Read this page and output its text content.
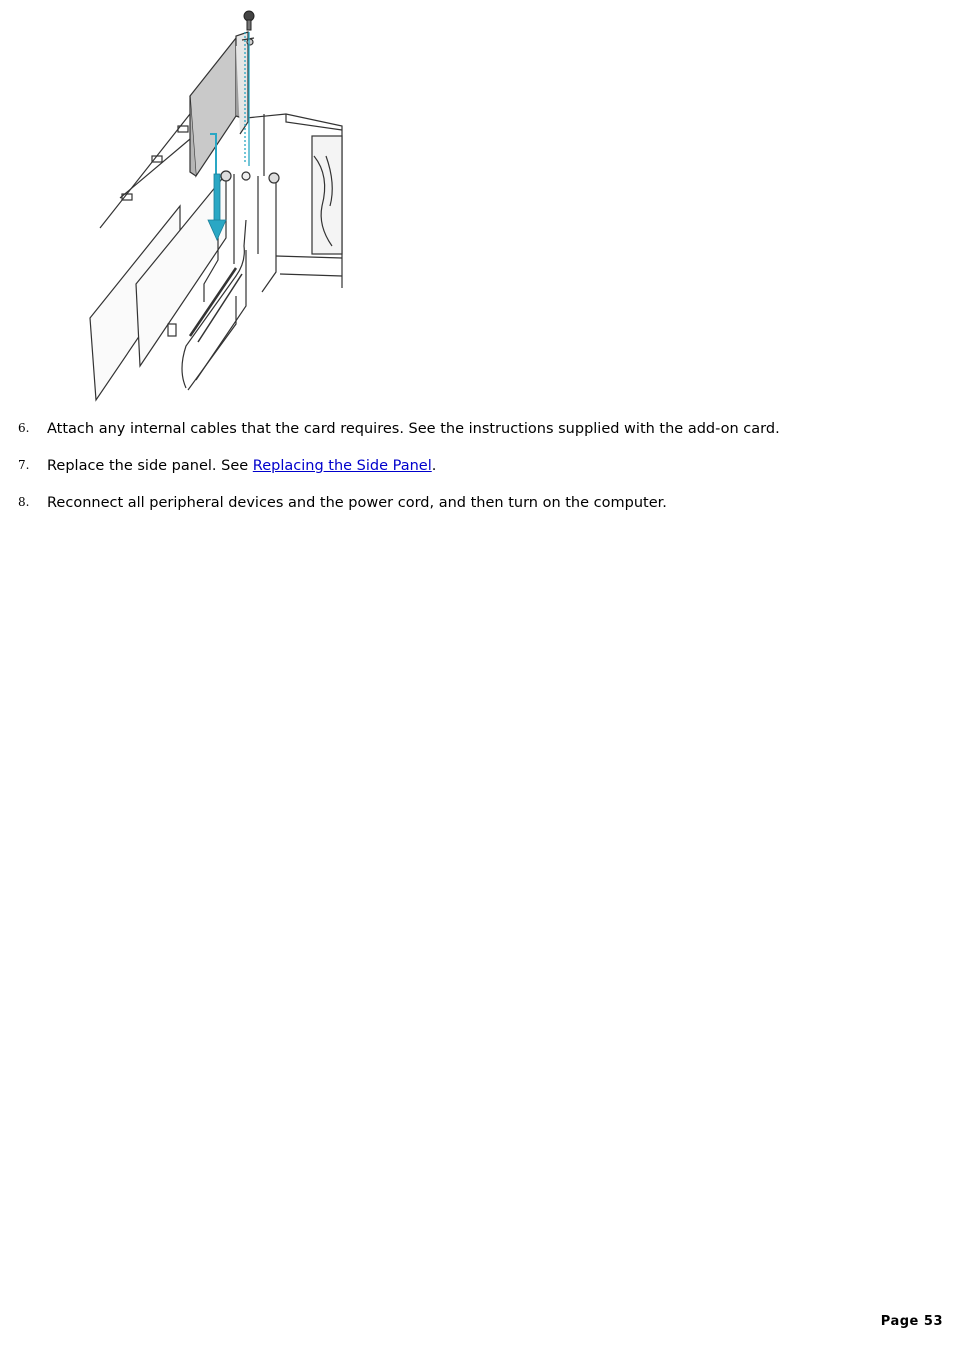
6. Attach any internal cables that the card requires. See the instructions supplied with the add-on card.
7. Replace the side panel. See Replacing the Side Panel.
8. Reconnect all peripheral devices and the power cord, and then turn on the computer.
Page 53
